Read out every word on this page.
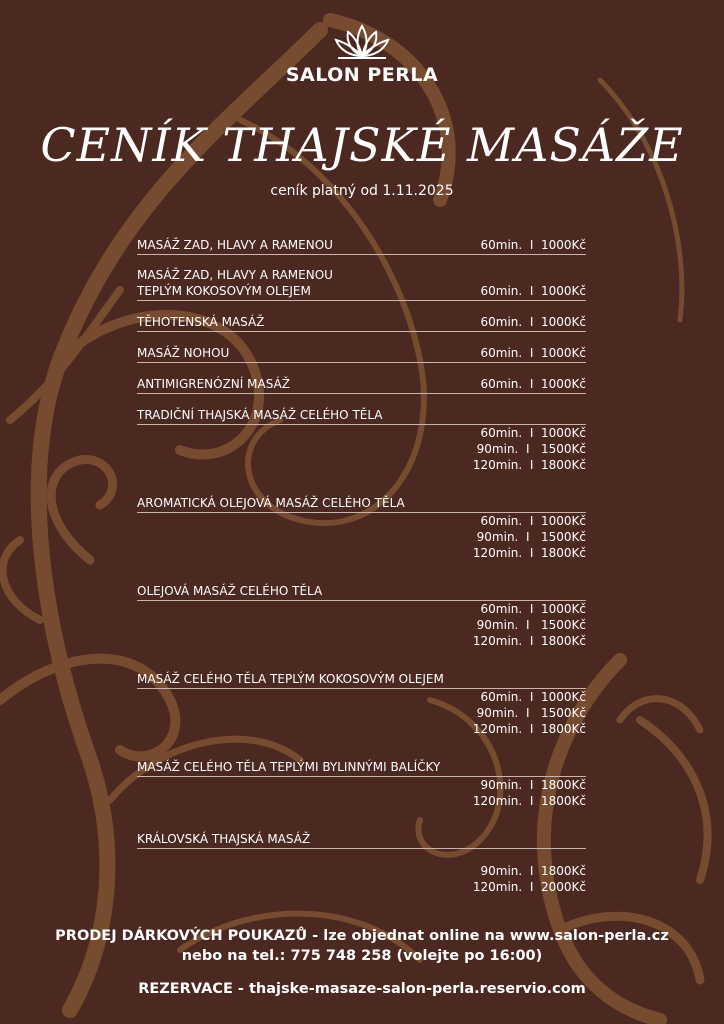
SALON PERLA
CENÍK THAJSKÉ MASÁŽE
ceník platný od 1.11.2025
MASÁŽ ZAD, HLAVY A RAMENOU	60min.  I  1000Kč
MASÁŽ ZAD, HLAVY A RAMENOU
TEPLÝM KOKOSOVÝM OLEJEM	60min.  I  1000Kč
TĚHOTENSKÁ MASÁŽ	60min.  I  1000Kč
MASÁŽ NOHOU	60min.  I  1000Kč
ANTIMIGRENÓZNÍ MASÁŽ	60min.  I  1000Kč
TRADIČNÍ THAJSKÁ MASÁŽ CELÉHO TĚLA
60min.  I  1000Kč
90min.  I   1500Kč
120min.  I  1800Kč
AROMATICKÁ OLEJOVÁ MASÁŽ CELÉHO TĚLA
60min.  I  1000Kč
90min.  I   1500Kč
120min.  I  1800Kč
OLEJOVÁ MASÁŽ CELÉHO TĚLA
60min.  I  1000Kč
90min.  I   1500Kč
120min.  I  1800Kč
MASÁŽ CELÉHO TĚLA TEPLÝM KOKOSOVÝM OLEJEM
60min.  I  1000Kč
90min.  I   1500Kč
120min.  I  1800Kč
MASÁŽ CELÉHO TĚLA TEPLÝMI BYLINNÝMI BALÍČKY
90min.  I  1800Kč
120min.  I  1800Kč
KRÁLOVSKÁ THAJSKÁ MASÁŽ
90min.  I  1800Kč
120min.  I  2000Kč
PRODEJ DÁRKOVÝCH POUKAZŮ - lze objednat online na www.salon-perla.cz
nebo na tel.: 775 748 258 (volejte po 16:00)
REZERVACE - thajske-masaze-salon-perla.reservio.com
